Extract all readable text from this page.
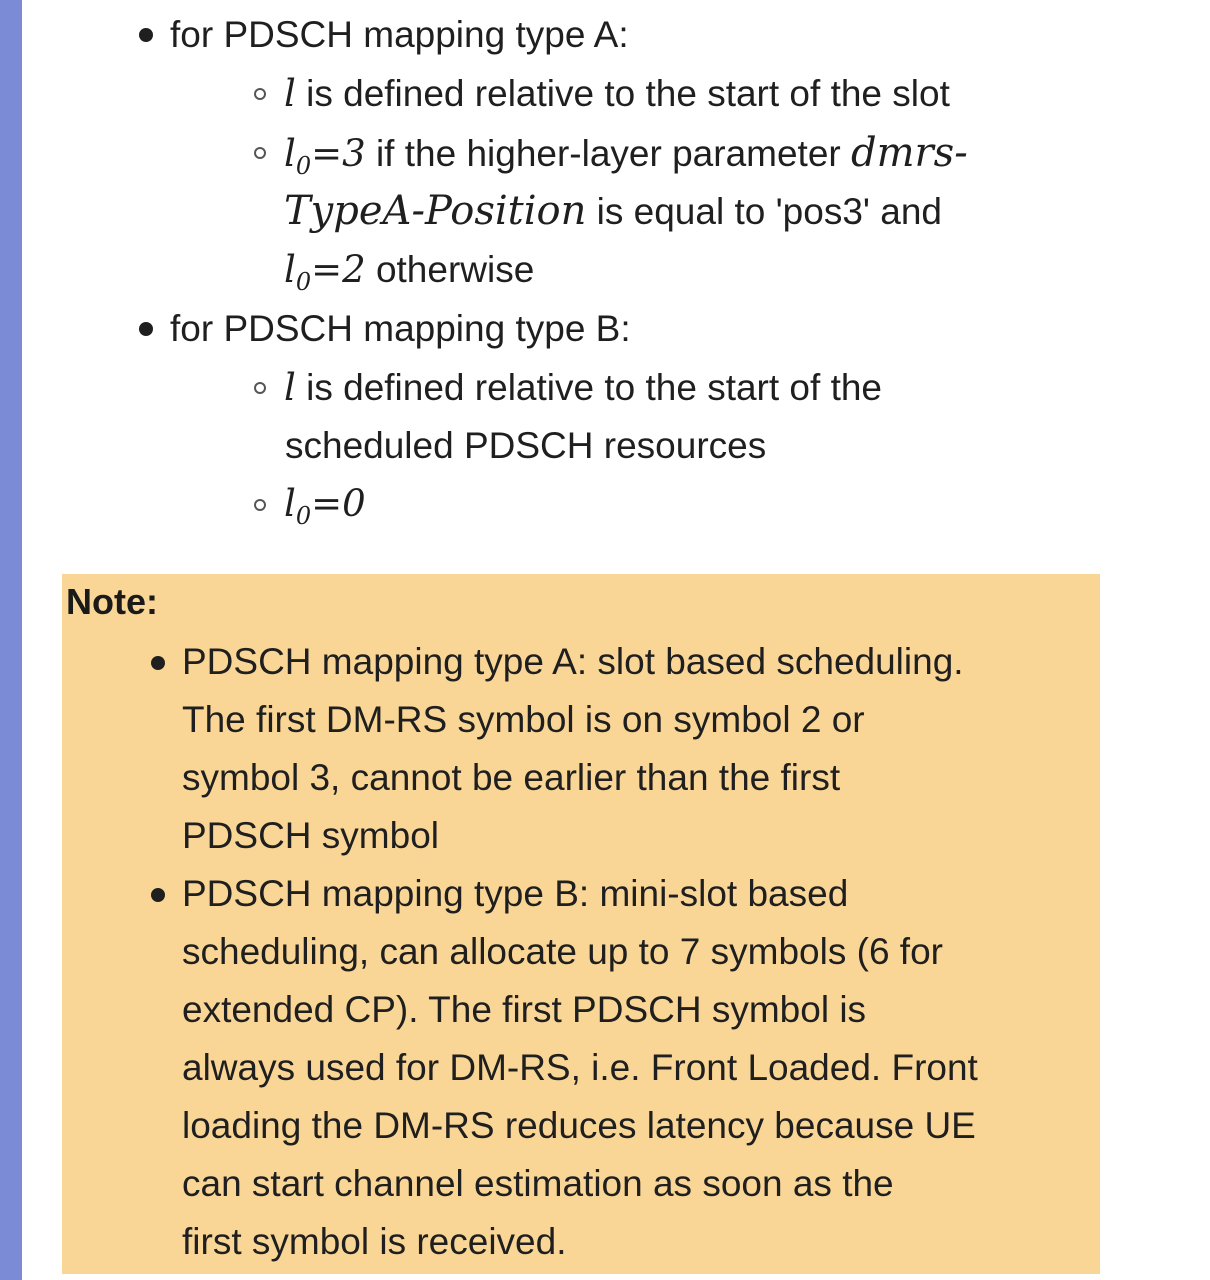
for PDSCH mapping type A:
l is defined relative to the start of the slot
$l_0=3$ if the higher-layer parameter dmrs-
TypeA-Position is equal to 'pos3' and
$l_0=2$ otherwise
for PDSCH mapping type B:
l is defined relative to the start of the
scheduled PDSCH resources
$l_0=0$
Note:
PDSCH mapping type A: slot based scheduling.
The first DM-RS symbol is on symbol 2 or
symbol 3, cannot be earlier than the first
PDSCH symbol
PDSCH mapping type B: mini-slot based
scheduling, can allocate up to 7 symbols (6 for
extended CP). The first PDSCH symbol is
always used for DM-RS, i.e. Front Loaded. Front
loading the DM-RS reduces latency because UE
can start channel estimation as soon as the
first symbol is received.
